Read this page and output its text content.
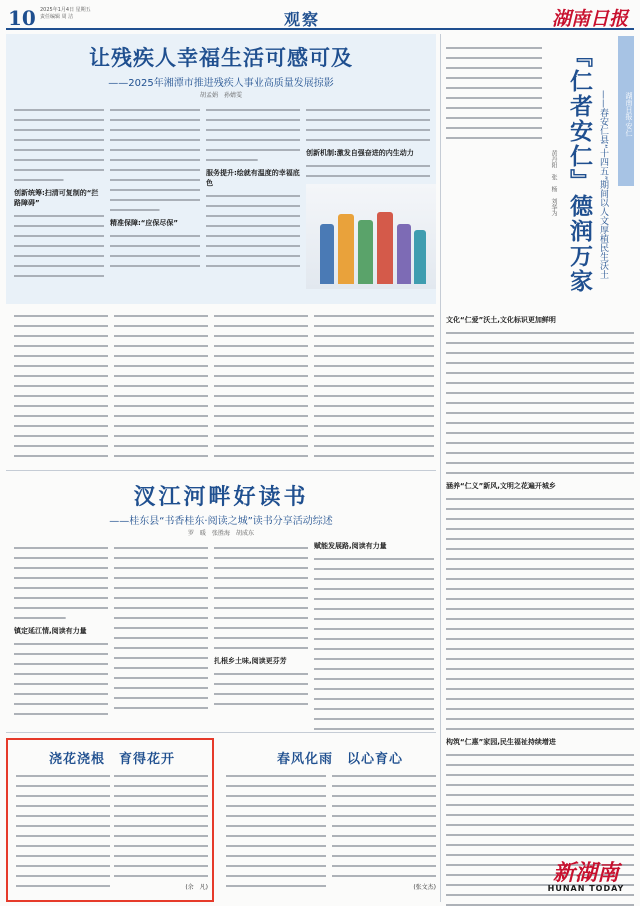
10 2025年1月4日 星期五
责任编辑 周 洁	观察	湖南日报
让残疾人幸福生活可感可及
——2025年湘潭市推进残疾人事业高质量发展掠影
胡孟娟　孙婧雯
创新统筹:扫清可复制的“拦路障碍”
精准保障:“应保尽保”
服务提升:绘就有温度的幸福底色
创新机制:激发自强奋进的内生动力
湖南日报·安仁
『仁者安仁』德润万家 ——春安仁县“十四五”期间以人文厚植民生沃土
黄丹阳　张　杨　刘华为
文化“仁爱”沃土,文化标识更加鲜明
涵养“仁义”新风,文明之花遍开城乡
构筑“仁惠”家园,民生福祉持续增进
汊江河畔好读书
——桂东县“书香桂东·阅读之城”读书分享活动综述
罗　暖　张胜海　胡成东
镇定延江情,阅读有力量
扎根乡土味,阅读更芬芳
赋能发展路,阅读有力量
浇花浇根　育得花开
(余　凡)
春风化雨　以心育心
(张文杰)
新湖南
HUNAN TODAY
